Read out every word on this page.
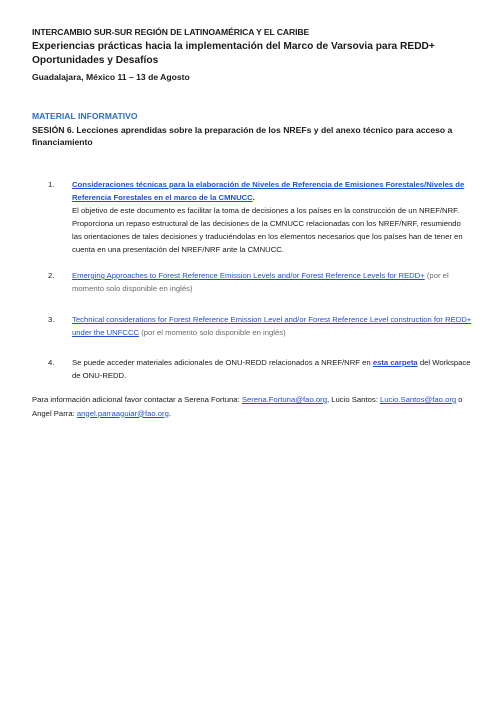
INTERCAMBIO SUR-SUR REGIÓN DE LATINOAMÉRICA Y EL CARIBE

Experiencias prácticas hacia la implementación del Marco de Varsovia para REDD+ Oportunidades y Desafíos

Guadalajara, México 11 – 13 de Agosto

MATERIAL INFORMATIVO

SESIÓN 6. Lecciones aprendidas sobre la preparación de los NREFs y del anexo técnico para acceso a financiamiento

1. Consideraciones técnicas para la elaboración de Niveles de Referencia de Emisiones Forestales/Niveles de Referencia Forestales en el marco de la CMNUCC.
El objetivo de este documento es facilitar la toma de decisiones a los países en la construcción de un NREF/NRF. Proporciona un repaso estructural de las decisiones de la CMNUCC relacionadas con los NREF/NRF, resumiendo las orientaciones de tales decisiones y traduciéndolas en los elementos necesarios que los países han de tener en cuenta en una presentación del NREF/NRF ante la CMNUCC.
2. Emerging Approaches to Forest Reference Emission Levels and/or Forest Reference Levels for REDD+ (por el momento solo disponible en inglés)
3. Technical considerations for Forest Reference Emission Level and/or Forest Reference Level construction for REDD+ under the UNFCCC (por el momento solo disponible en inglés)
4. Se puede acceder materiales adicionales de ONU-REDD relacionados a NREF/NRF en esta carpeta del Workspace de ONU-REDD.

Para información adicional favor contactar a Serena Fortuna: Serena.Fortuna@fao.org, Lucio Santos: Lucio.Santos@fao.org o Angel Parra: angel.parraaguiar@fao.org.
